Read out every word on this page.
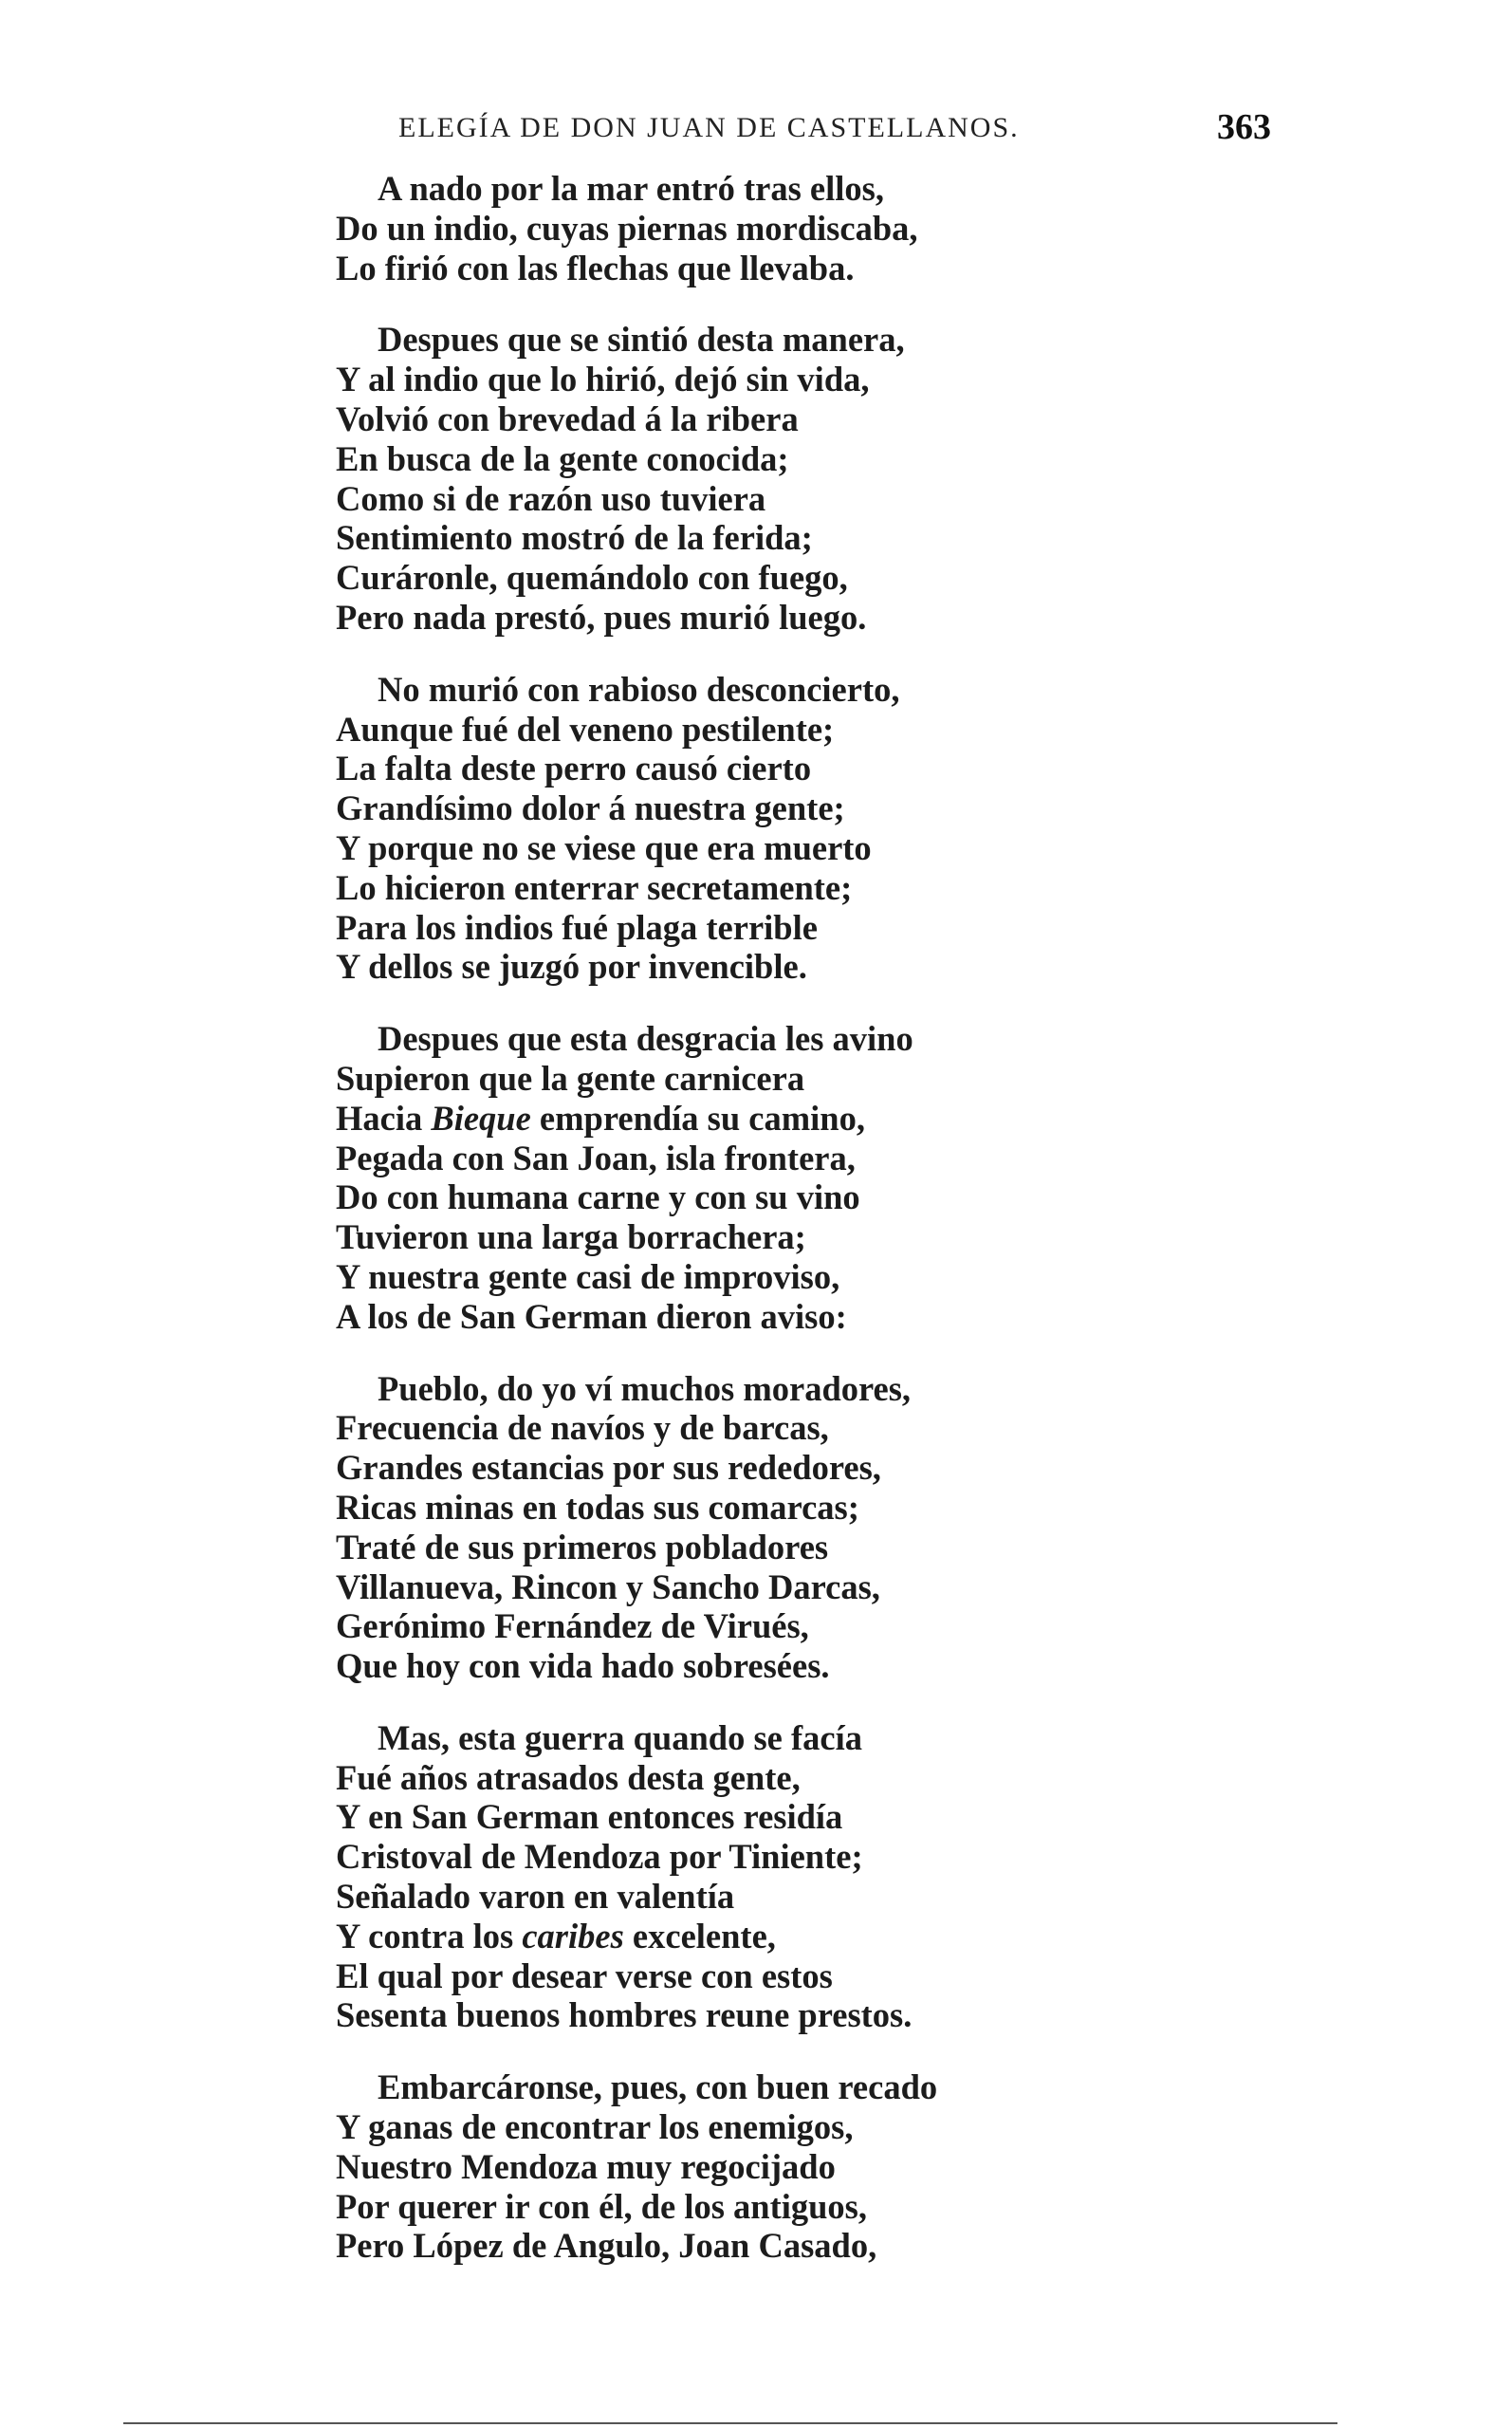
ELEGÍA DE DON JUAN DE CASTELLANOS.	363
A nado por la mar entró tras ellos,
Do un indio, cuyas piernas mordiscaba,
Lo firió con las flechas que llevaba.
Despues que se sintió desta manera,
Y al indio que lo hirió, dejó sin vida,
Volvió con brevedad á la ribera
En busca de la gente conocida;
Como si de razón uso tuviera
Sentimiento mostró de la ferida;
Curáronle, quemándolo con fuego,
Pero nada prestó, pues murió luego.
No murió con rabioso desconcierto,
Aunque fué del veneno pestilente;
La falta deste perro causó cierto
Grandísimo dolor á nuestra gente;
Y porque no se viese que era muerto
Lo hicieron enterrar secretamente;
Para los indios fué plaga terrible
Y dellos se juzgó por invencible.
Despues que esta desgracia les avino
Supieron que la gente carnicera
Hacia Bieque emprendía su camino,
Pegada con San Joan, isla frontera,
Do con humana carne y con su vino
Tuvieron una larga borrachera;
Y nuestra gente casi de improviso,
A los de San German dieron aviso:
Pueblo, do yo ví muchos moradores,
Frecuencia de navíos y de barcas,
Grandes estancias por sus rededores,
Ricas minas en todas sus comarcas;
Traté de sus primeros pobladores
Villanueva, Rincon y Sancho Darcas,
Gerónimo Fernández de Virués,
Que hoy con vida hado sobresées.
Mas, esta guerra quando se facía
Fué años atrasados desta gente,
Y en San German entonces residía
Cristoval de Mendoza por Tiniente;
Señalado varon en valentía
Y contra los caribes excelente,
El qual por desear verse con estos
Sesenta buenos hombres reune prestos.
Embarcáronse, pues, con buen recado
Y ganas de encontrar los enemigos,
Nuestro Mendoza muy regocijado
Por querer ir con él, de los antiguos,
Pero López de Angulo, Joan Casado,
